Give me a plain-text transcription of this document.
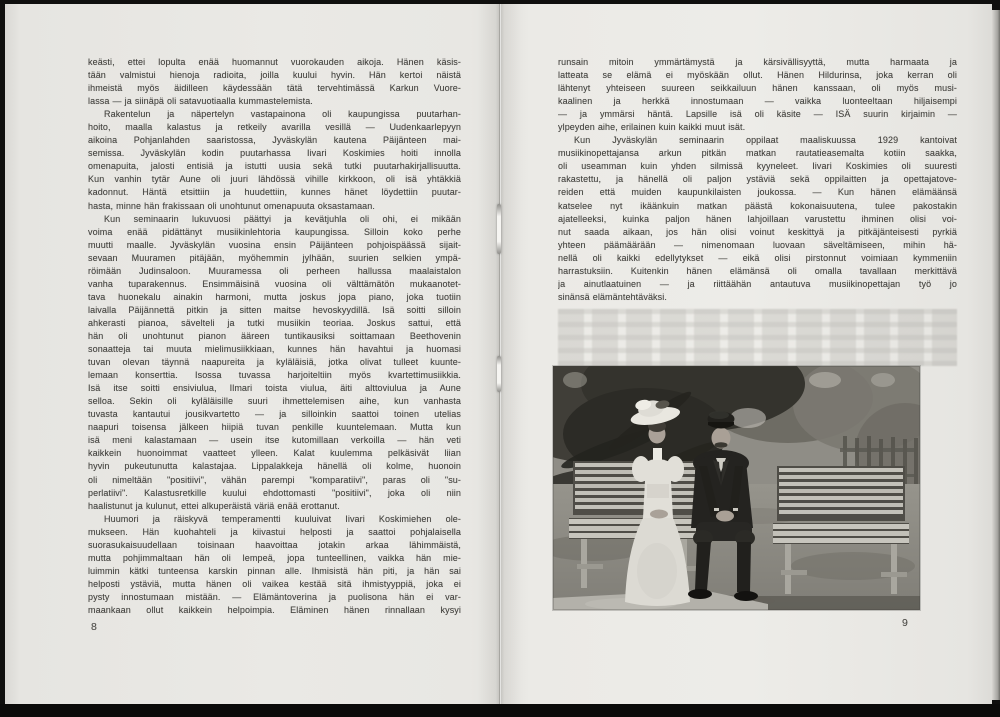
keästi, ettei lopulta enää huomannut vuorokauden aikoja. Hänen käsis-
tään valmistui hienoja radioita, joilla kuului hyvin. Hän kertoi näistä
ihmeistä myös äidilleen käydessään tätä tervehtimässä Karkun Vuore-
lassa — ja siinäpä oli satavuotiaalla kummastelemista.
Rakentelun ja näpertelyn vastapainona oli kaupungissa puutarhan-
hoito, maalla kalastus ja retkeily avarilla vesillä — Uudenkaarlepyyn
aikoina Pohjanlahden saaristossa, Jyväskylän kautena Päijänteen mai-
semissa. Jyväskylän kodin puutarhassa Iivari Koskimies hoiti innolla
omenapuita, jalosti entisiä ja istutti uusia sekä tutki puutarhakirjallisuutta.
Kun vanhin tytär Aune oli juuri lähdössä vihille kirkkoon, oli isä yhtäkkiä
kadonnut. Häntä etsittiin ja huudettiin, kunnes hänet löydettiin puutar-
hasta, minne hän frakissaan oli unohtunut omenapuuta oksastamaan.
Kun seminaarin lukuvuosi päättyi ja kevätjuhla oli ohi, ei mikään
voima enää pidättänyt musiikinlehtoria kaupungissa. Silloin koko perhe
muutti maalle. Jyväskylän vuosina ensin Päijänteen pohjoispäässä sijait-
sevaan Muuramen pitäjään, myöhemmin jylhään, suurien selkien ympä-
röimään Judinsaloon. Muuramessa oli perheen hallussa maalaistalon
vanha tuparakennus. Ensimmäisinä vuosina oli välttämätön mukaanotet-
tava huonekalu ainakin harmoni, mutta joskus jopa piano, joka tuotiin
laivalla Päijännettä pitkin ja sitten maitse hevoskyydillä. Isä soitti silloin
ahkerasti pianoa, sävelteli ja tutki musiikin teoriaa. Joskus sattui, että
hän oli unohtunut pianon ääreen tuntikausiksi soittamaan Beethovenin
sonaatteja tai muuta mielimusiikkiaan, kunnes hän havahtui ja huomasi
tuvan olevan täynnä naapureita ja kyläläisiä, jotka olivat tulleet kuunte-
lemaan konserttia. Isossa tuvassa harjoiteltiin myös kvartettimusiikkia.
Isä itse soitti ensiviulua, Ilmari toista viulua, äiti alttoviulua ja Aune
selloa. Sekin oli kyläläisille suuri ihmettelemisen aihe, kun vanhasta
tuvasta kantautui jousikvartetto — ja silloinkin saattoi toinen utelias
naapuri toisensa jälkeen hiipiä tuvan penkille kuuntelemaan. Mutta kun
isä meni kalastamaan — usein itse kutomillaan verkoilla — hän veti
kaikkein huonoimmat vaatteet ylleen. Kalat kuulemma pelkäsivät liian
hyvin pukeutunutta kalastajaa. Lippalakkeja hänellä oli kolme, huonoin
oli nimeltään "positiivi", vähän parempi "komparatiivi", paras oli "su-
perlatiivi". Kalastusretkille kuului ehdottomasti "positiivi", joka oli niin
haalistunut ja kulunut, ettei alkuperäistä väriä enää erottanut.
Huumori ja räiskyvä temperamentti kuuluivat Iivari Koskimiehen ole-
mukseen. Hän kuohahteli ja kiivastui helposti ja saattoi pohjalaisella
suorasukaisuudellaan toisinaan haavoittaa jotakin arkaa lähimmäistä,
mutta pohjimmaltaan hän oli lempeä, jopa tunteellinen, vaikka hän mie-
luimmin kätki tunteensa karskin pinnan alle. Ihmisistä hän piti, ja hän sai
helposti ystäviä, mutta hänen oli vaikea kestää sitä ihmistyyppiä, joka ei
pysty innostumaan mistään. — Elämäntoverina ja puolisona hän ei var-
maankaan ollut kaikkein helpoimpia. Eläminen hänen rinnallaan kysyi
8
runsain mitoin ymmärtämystä ja kärsivällisyyttä, mutta harmaata ja
latteata se elämä ei myöskään ollut. Hänen Hildurinsa, joka kerran oli
lähtenyt yhteiseen suureen seikkailuun hänen kanssaan, oli myös musi-
kaalinen ja herkkä innostumaan — vaikka luonteeltaan hiljaisempi
— ja ymmärsi häntä. Lapsille isä oli käsite — ISÄ suurin kirjaimin —
ylpeyden aihe, erilainen kuin kaikki muut isät.
Kun Jyväskylän seminaarin oppilaat maaliskuussa 1929 kantoivat
musiikinopettajansa arkun pitkän matkan rautatieasemalta kotiin saakka,
oli useamman kuin yhden silmissä kyyneleet. Iivari Koskimies oli suuresti
rakastettu, ja hänellä oli paljon ystäviä sekä oppilaitten ja opettajatove-
reiden että muiden kaupunkilaisten joukossa. — Kun hänen elämäänsä
katselee nyt ikäänkuin matkan päästä kokonaisuutena, tulee pakostakin
ajatelleeksi, kuinka paljon hänen lahjoillaan varustettu ihminen olisi voi-
nut saada aikaan, jos hän olisi voinut keskittyä ja pitkäjänteisesti pyrkiä
yhteen päämäärään — nimenomaan luovaan säveltämiseen, mihin hä-
nellä oli kaikki edellytykset — eikä olisi pirstonnut voimiaan kymmeniin
harrastuksiin. Kuitenkin hänen elämänsä oli omalla tavallaan merkittävä
ja ainutlaatuinen — ja riittäähän antautuva musiikinopettajan työ jo
sinänsä elämäntehtäväksi.
9
